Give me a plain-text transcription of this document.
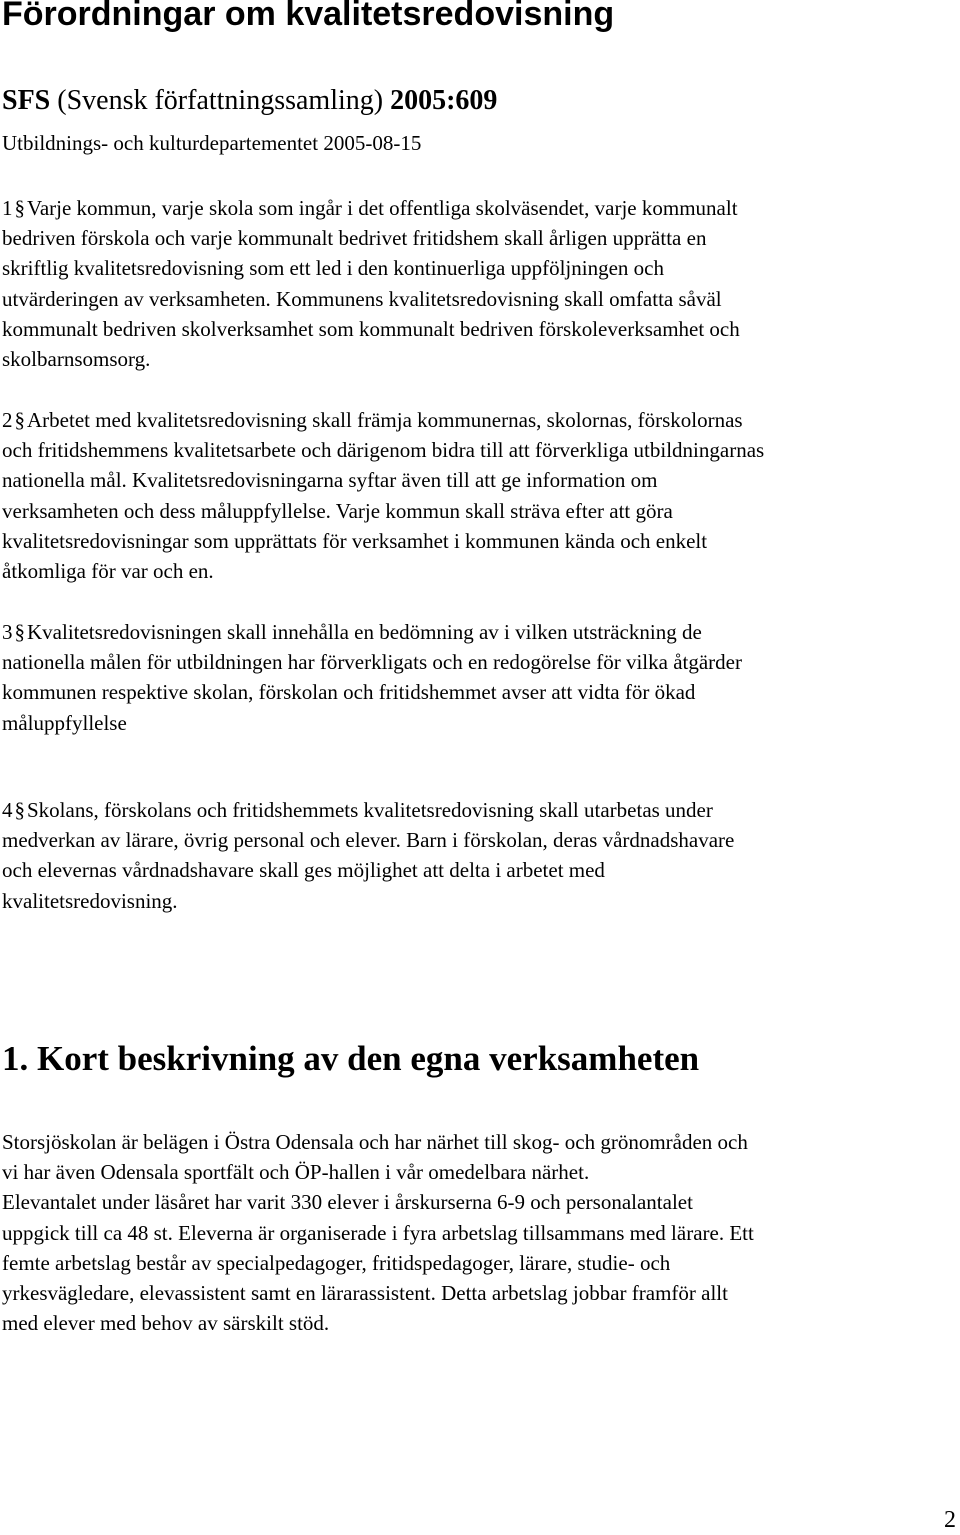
Förordningar om kvalitetsredovisning
SFS (Svensk författningssamling) 2005:609
Utbildnings- och kulturdepartementet 2005-08-15
1§Varje kommun, varje skola som ingår i det offentliga skolväsendet, varje kommunalt
bedriven förskola och varje kommunalt bedrivet fritidshem skall årligen upprätta en
skriftlig kvalitetsredovisning som ett led i den kontinuerliga uppföljningen och
utvärderingen av verksamheten. Kommunens kvalitetsredovisning skall omfatta såväl
kommunalt bedriven skolverksamhet som kommunalt bedriven förskoleverksamhet och
skolbarnsomsorg.
2§Arbetet med kvalitetsredovisning skall främja kommunernas, skolornas, förskolornas
och fritidshemmens kvalitetsarbete och därigenom bidra till att förverkliga utbildningarnas
nationella mål. Kvalitetsredovisningarna syftar även till att ge information om
verksamheten och dess måluppfyllelse. Varje kommun skall sträva efter att göra
kvalitetsredovisningar som upprättats för verksamhet i kommunen kända och enkelt
åtkomliga för var och en.
3§Kvalitetsredovisningen skall innehålla en bedömning av i vilken utsträckning de
nationella målen för utbildningen har förverkligats och en redogörelse för vilka åtgärder
kommunen respektive skolan, förskolan och fritidshemmet avser att vidta för ökad
måluppfyllelse
4§Skolans, förskolans och fritidshemmets kvalitetsredovisning skall utarbetas under
medverkan av lärare, övrig personal och elever. Barn i förskolan, deras vårdnadshavare
och elevernas vårdnadshavare skall ges möjlighet att delta i arbetet med
kvalitetsredovisning.
1. Kort beskrivning av den egna verksamheten
Storsjöskolan är belägen i Östra Odensala och har närhet till skog- och grönområden och
vi har även Odensala sportfält och ÖP-hallen i vår omedelbara närhet.
Elevantalet under läsåret har varit 330 elever i årskurserna 6-9 och personalantalet
uppgick till ca 48 st. Eleverna är organiserade i fyra arbetslag tillsammans med lärare. Ett
femte arbetslag består av specialpedagoger, fritidspedagoger, lärare, studie- och
yrkesvägledare, elevassistent samt en lärarassistent. Detta arbetslag jobbar framför allt
med elever med behov av särskilt stöd.
2
